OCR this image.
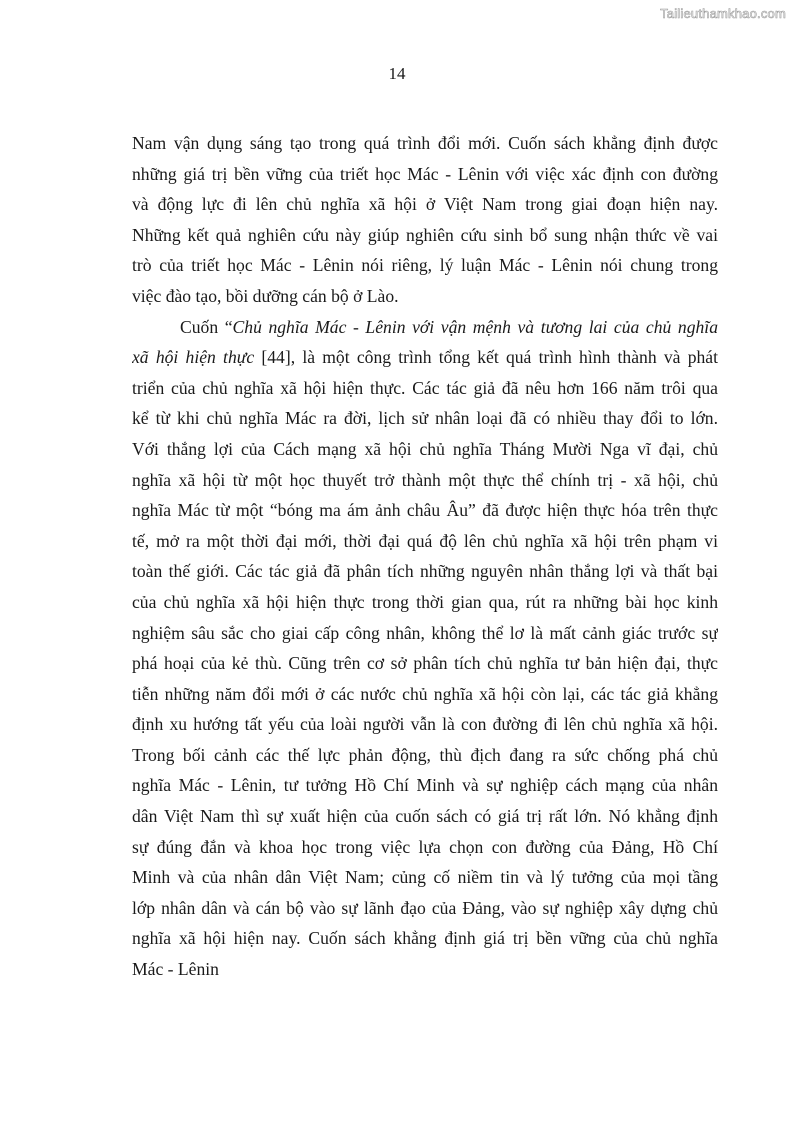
Tailieuthamkhao.com
14
Nam vận dụng sáng tạo trong quá trình đổi mới. Cuốn sách khẳng định được
những giá trị bền vững của triết học Mác - Lênin với việc xác định con đường
và động lực đi lên chủ nghĩa xã hội ở Việt Nam trong giai đoạn hiện nay.
Những kết quả nghiên cứu này giúp nghiên cứu sinh bổ sung nhận thức về vai
trò của triết học Mác - Lênin nói riêng, lý luận Mác - Lênin nói chung trong
việc đào tạo, bồi dưỡng cán bộ ở Lào.
Cuốn “Chủ nghĩa Mác - Lênin với vận mệnh và tương lai của chủ nghĩa
xã hội hiện thực [44], là một công trình tổng kết quá trình hình thành và phát
triển của chủ nghĩa xã hội hiện thực. Các tác giả đã nêu hơn 166 năm trôi qua
kể từ khi chủ nghĩa Mác ra đời, lịch sử nhân loại đã có nhiều thay đổi to lớn.
Với thắng lợi của Cách mạng xã hội chủ nghĩa Tháng Mười Nga vĩ đại, chủ
nghĩa xã hội từ một học thuyết trở thành một thực thể chính trị - xã hội, chủ
nghĩa Mác từ một “bóng ma ám ảnh châu Âu” đã được hiện thực hóa trên thực
tế, mở ra một thời đại mới, thời đại quá độ lên chủ nghĩa xã hội trên phạm vi
toàn thế giới. Các tác giả đã phân tích những nguyên nhân thắng lợi và thất bại
của chủ nghĩa xã hội hiện thực trong thời gian qua, rút ra những bài học kinh
nghiệm sâu sắc cho giai cấp công nhân, không thể lơ là mất cảnh giác trước sự
phá hoại của kẻ thù. Cũng trên cơ sở phân tích chủ nghĩa tư bản hiện đại, thực
tiễn những năm đổi mới ở các nước chủ nghĩa xã hội còn lại, các tác giả khẳng
định xu hướng tất yếu của loài người vẫn là con đường đi lên chủ nghĩa xã hội.
Trong bối cảnh các thế lực phản động, thù địch đang ra sức chống phá chủ
nghĩa Mác - Lênin, tư tưởng Hồ Chí Minh và sự nghiệp cách mạng của nhân
dân Việt Nam thì sự xuất hiện của cuốn sách có giá trị rất lớn. Nó khẳng định
sự đúng đắn và khoa học trong việc lựa chọn con đường của Đảng, Hồ Chí
Minh và của nhân dân Việt Nam; củng cố niềm tin và lý tưởng của mọi tầng
lớp nhân dân và cán bộ vào sự lãnh đạo của Đảng, vào sự nghiệp xây dựng chủ
nghĩa xã hội hiện nay. Cuốn sách khẳng định giá trị bền vững của chủ nghĩa
Mác - Lênin
